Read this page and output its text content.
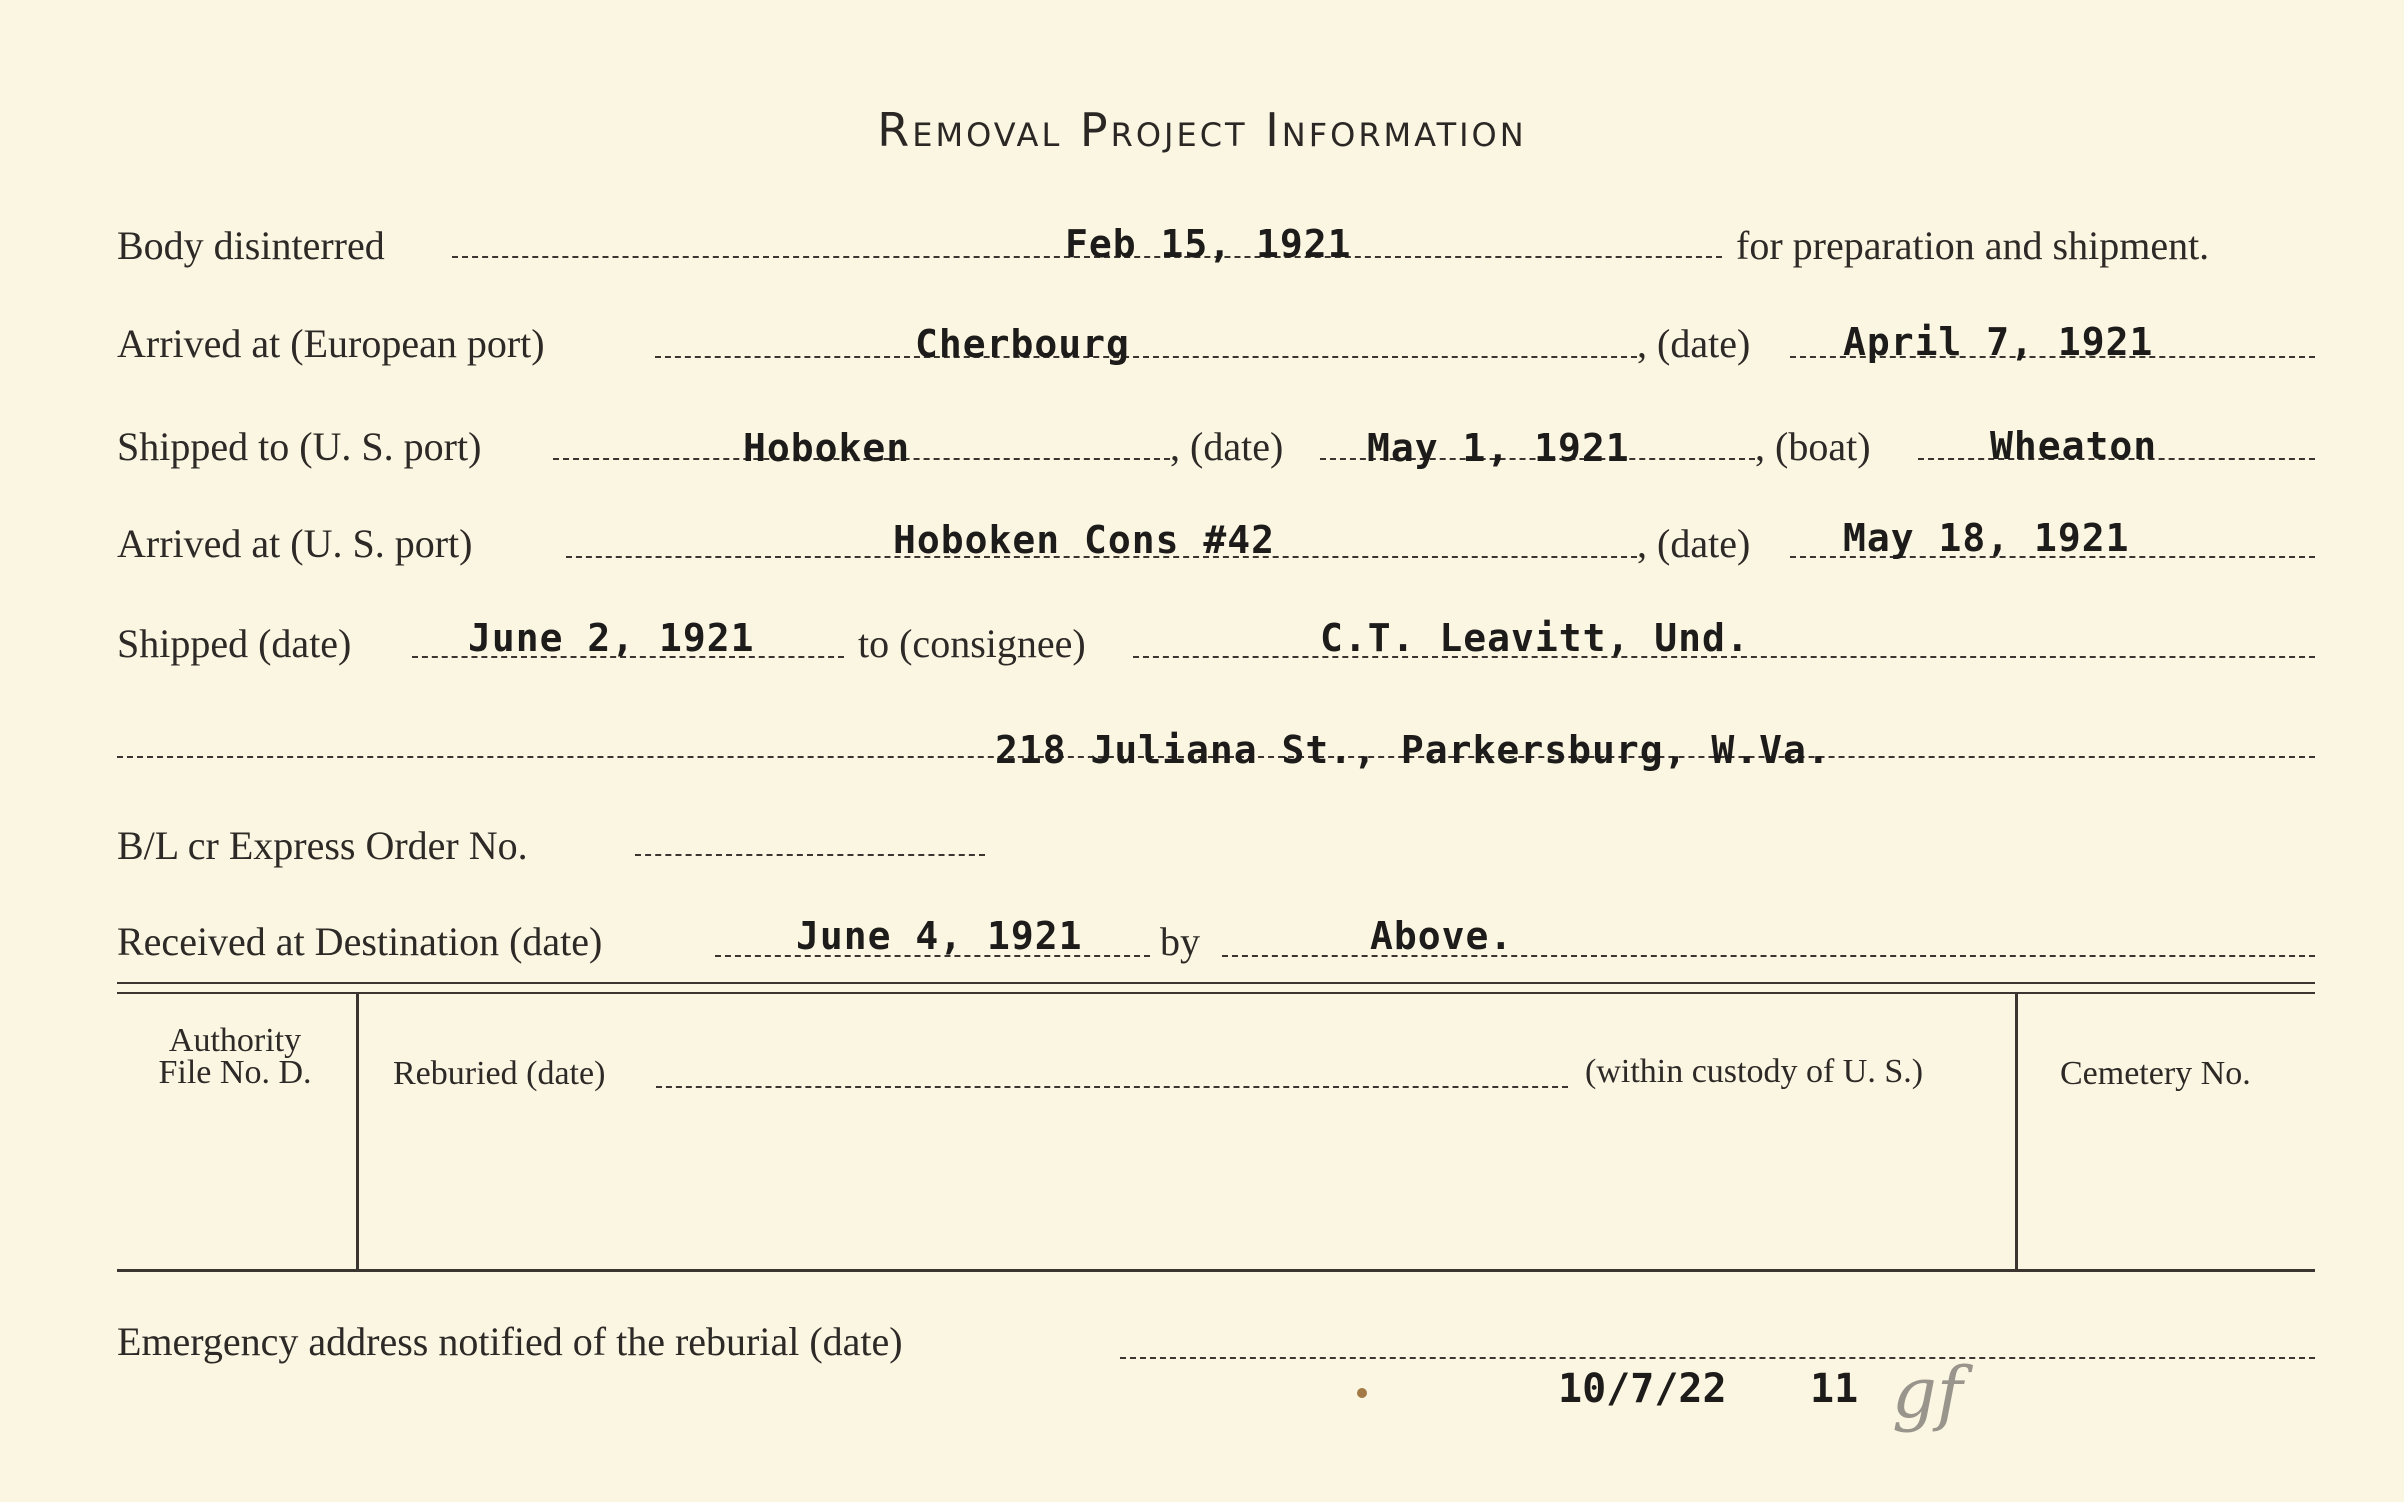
Removal Project Information
Body disinterred	Feb 15, 1921	for preparation and shipment.
Arrived at (European port)	Cherbourg	, (date) April 7, 1921
Shipped to (U. S. port)	Hoboken	, (date) May 1, 1921	, (boat)	Wheaton
Arrived at (U. S. port)	Hoboken Cons #42	, (date) May 18, 1921
Shipped (date)	June 2, 1921	to (consignee)	C.T. Leavitt, Und.
218 Juliana St., Parkersburg, W.Va.
B/L cr Express Order No.
Received at Destination (date)	June 4, 1921 by	Above.
Authority
File No. D.	Reburied (date)	(within custody of U. S.)	Cemetery No.
Emergency address notified of the reburial (date)
10/7/22 11 gf
